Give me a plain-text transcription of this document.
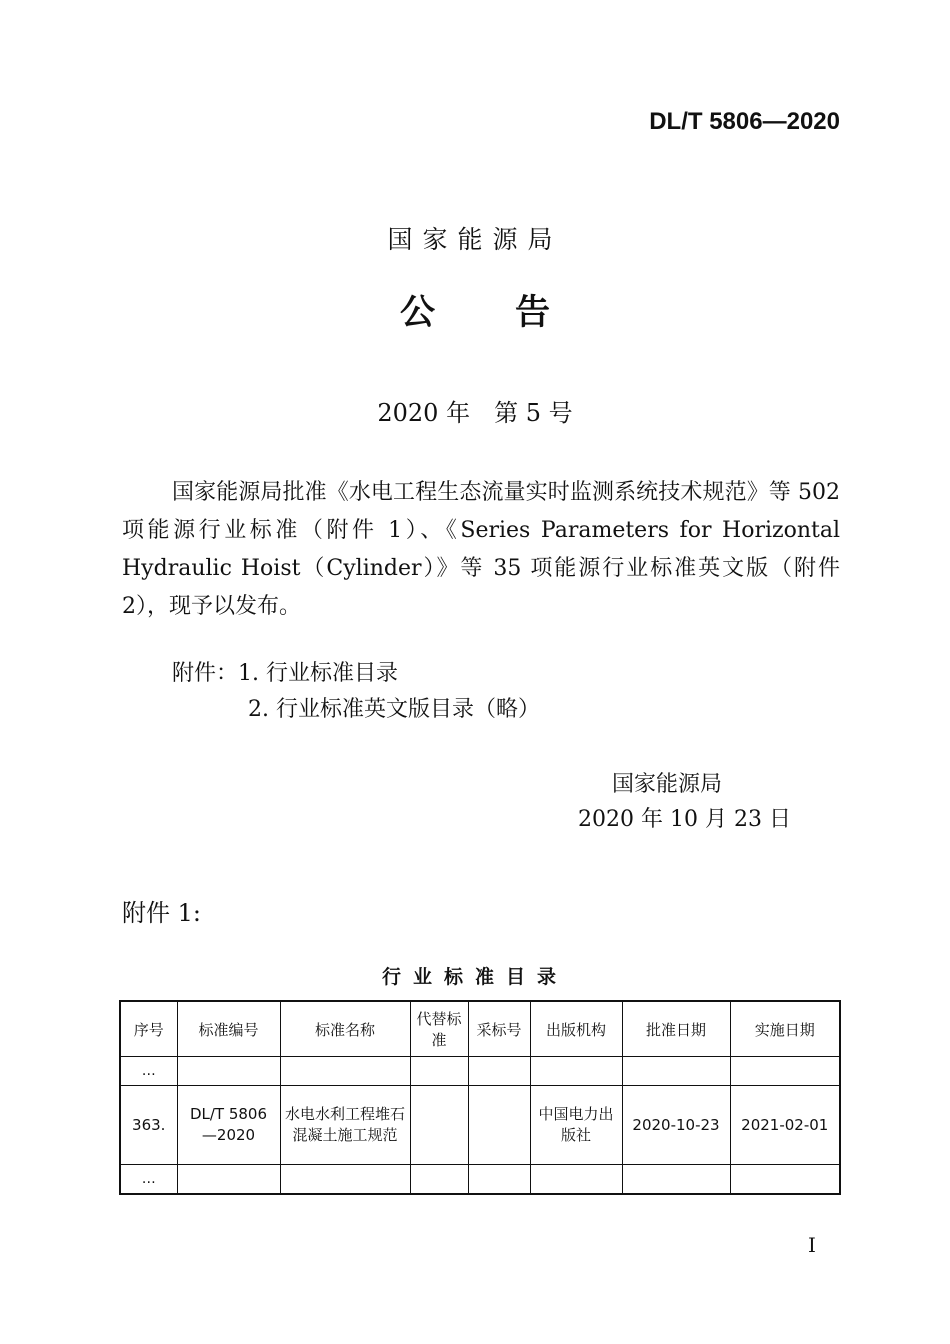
DL/T 5806—2020
国家能源局
公告
2020 年　第 5 号
国家能源局批准《水电工程生态流量实时监测系统技术规范》等 502 项能源行业标准（附件 1）、《Series Parameters for Horizontal Hydraulic Hoist（Cylinder）》等 35 项能源行业标准英文版（附件 2），现予以发布。
附件：1. 行业标准目录
2. 行业标准英文版目录（略）
国家能源局
2020 年 10 月 23 日
附件 1:
行业标准目录
序号	标准编号	标准名称	代替标准	采标号	出版机构	批准日期	实施日期
…							
363.	DL/T 5806 —2020	水电水利工程堆石混凝土施工规范			中国电力出版社	2020-10-23	2021-02-01
…							
I
